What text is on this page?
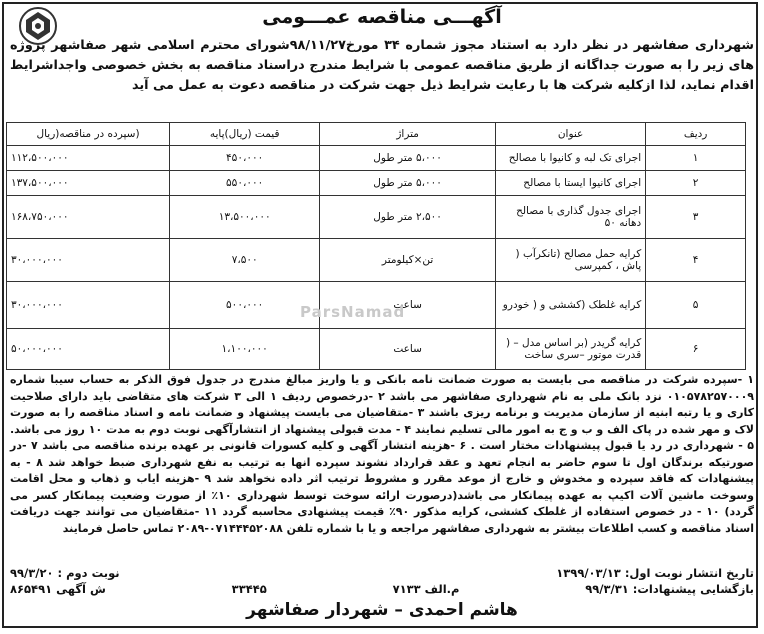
آگهـــی مناقصه عمـــومی
شهرداری صفاشهر در نظر دارد به استناد مجوز شماره ۳۴ مورخ۹۸/۱۱/۲۷شورای محترم اسلامی شهر صفاشهر پروژه های زیر را به صورت جداگانه از طریق مناقصه عمومی با شرایط مندرج دراسناد مناقصه به بخش خصوصی واجداشرایط اقدام نماید، لذا ازکلیه شرکت ها با رعایت شرایط ذیل جهت شرکت در مناقصه دعوت به عمل می آید
ردیف	عنوان	متراژ	قیمت (ریال)پایه	(سپرده در مناقصه(ریال
۱	اجرای تک لبه و کانیوا با مصالح	۵،۰۰۰ متر طول	۴۵۰،۰۰۰	۱۱۲،۵۰۰،۰۰۰
۲	اجرای کانیوا ایستا با مصالح	۵،۰۰۰ متر طول	۵۵۰،۰۰۰	۱۳۷،۵۰۰،۰۰۰
۳	اجرای جدول گذاری با مصالح دهانه ۵۰	۲،۵۰۰ متر طول	۱۳،۵۰۰،۰۰۰	۱۶۸،۷۵۰،۰۰۰
۴	کرایه حمل مصالح (تانکرآب ( پاش ، کمپرسی	تن×کیلومتر	۷،۵۰۰	۳۰،۰۰۰،۰۰۰
۵	کرایه غلطک (کششی و ( خودرو	ساعت	۵۰۰،۰۰۰	۳۰،۰۰۰،۰۰۰
۶	کرایه گریدر (بر اساس مدل – ( قدرت موتور –سری ساخت	ساعت	۱،۱۰۰،۰۰۰	۵۰،۰۰۰،۰۰۰
ParsNamad
۱ -سپرده شرکت در مناقصه می بایست به صورت ضمانت نامه بانکی و یا واریز مبالغ مندرج در جدول فوق الذکر به حساب سیبا شماره ۰۱۰۵۷۸۲۵۷۰۰۰۹ نزد بانک ملی به نام شهرداری صفاشهر می باشد ۲ -درخصوص ردیف ۱ الی ۳ شرکت های متقاضی باید دارای صلاحیت کاری و یا رتبه ابنیه از سازمان مدیریت و برنامه ریزی باشند ۳ -متقاضیان می بایست پیشنهاد و ضمانت نامه و اسناد مناقصه را به صورت لاک و مهر شده در پاک الف و ب و ج به امور مالی تسلیم نمایند ۴ - مدت قبولی پیشنهاد از انتشارآگهی نوبت دوم به مدت ۱۰ روز می باشد. ۵ - شهرداری در رد یا قبول پیشنهادات مختار است . ۶ -هزینه انتشار آگهی و کلیه کسورات قانونی بر عهده برنده مناقصه می باشد ۷ -در صورتیکه برندگان اول تا سوم حاضر به انجام تعهد و عقد قرارداد نشوند سپرده انها به ترتیب به نفع شهرداری ضبط خواهد شد ۸ - به پیشنهادات که فاقد سپرده و مخدوش و خارج از موعد مقرر و مشروط ترتیب اثر داده نخواهد شد ۹ -هزینه ایاب و ذهاب و محل اقامت وسوخت ماشین آلات اکیپ به عهده پیمانکار می باشد(درصورت ارائه سوخت توسط شهرداری ۱۰٪ از صورت وضعیت پیمانکار کسر می گردد) ۱۰ - در خصوص استفاده از غلطک کششی، کرایه مذکور ۹۰٪ قیمت پیشنهادی محاسبه گردد ۱۱ -متقاضیان می توانند جهت دریافت اسناد مناقصه و کسب اطلاعات بیشتر به شهرداری صفاشهر مراجعه و یا با شماره تلفن ۰۷۱۴۴۴۵۲۰۸۸-۲۰۸۹ تماس حاصل فرمایند
تاریخ انتشار نوبت اول: ۱۳۹۹/۰۳/۱۳
نوبت دوم : ۹۹/۳/۲۰
بازگشایی پیشنهادات: ۹۹/۳/۳۱
م.الف ۷۱۳۳
۳۳۴۴۵
ش آگهی ۸۶۵۴۹۱
هاشم احمدی – شهردار صفاشهر
